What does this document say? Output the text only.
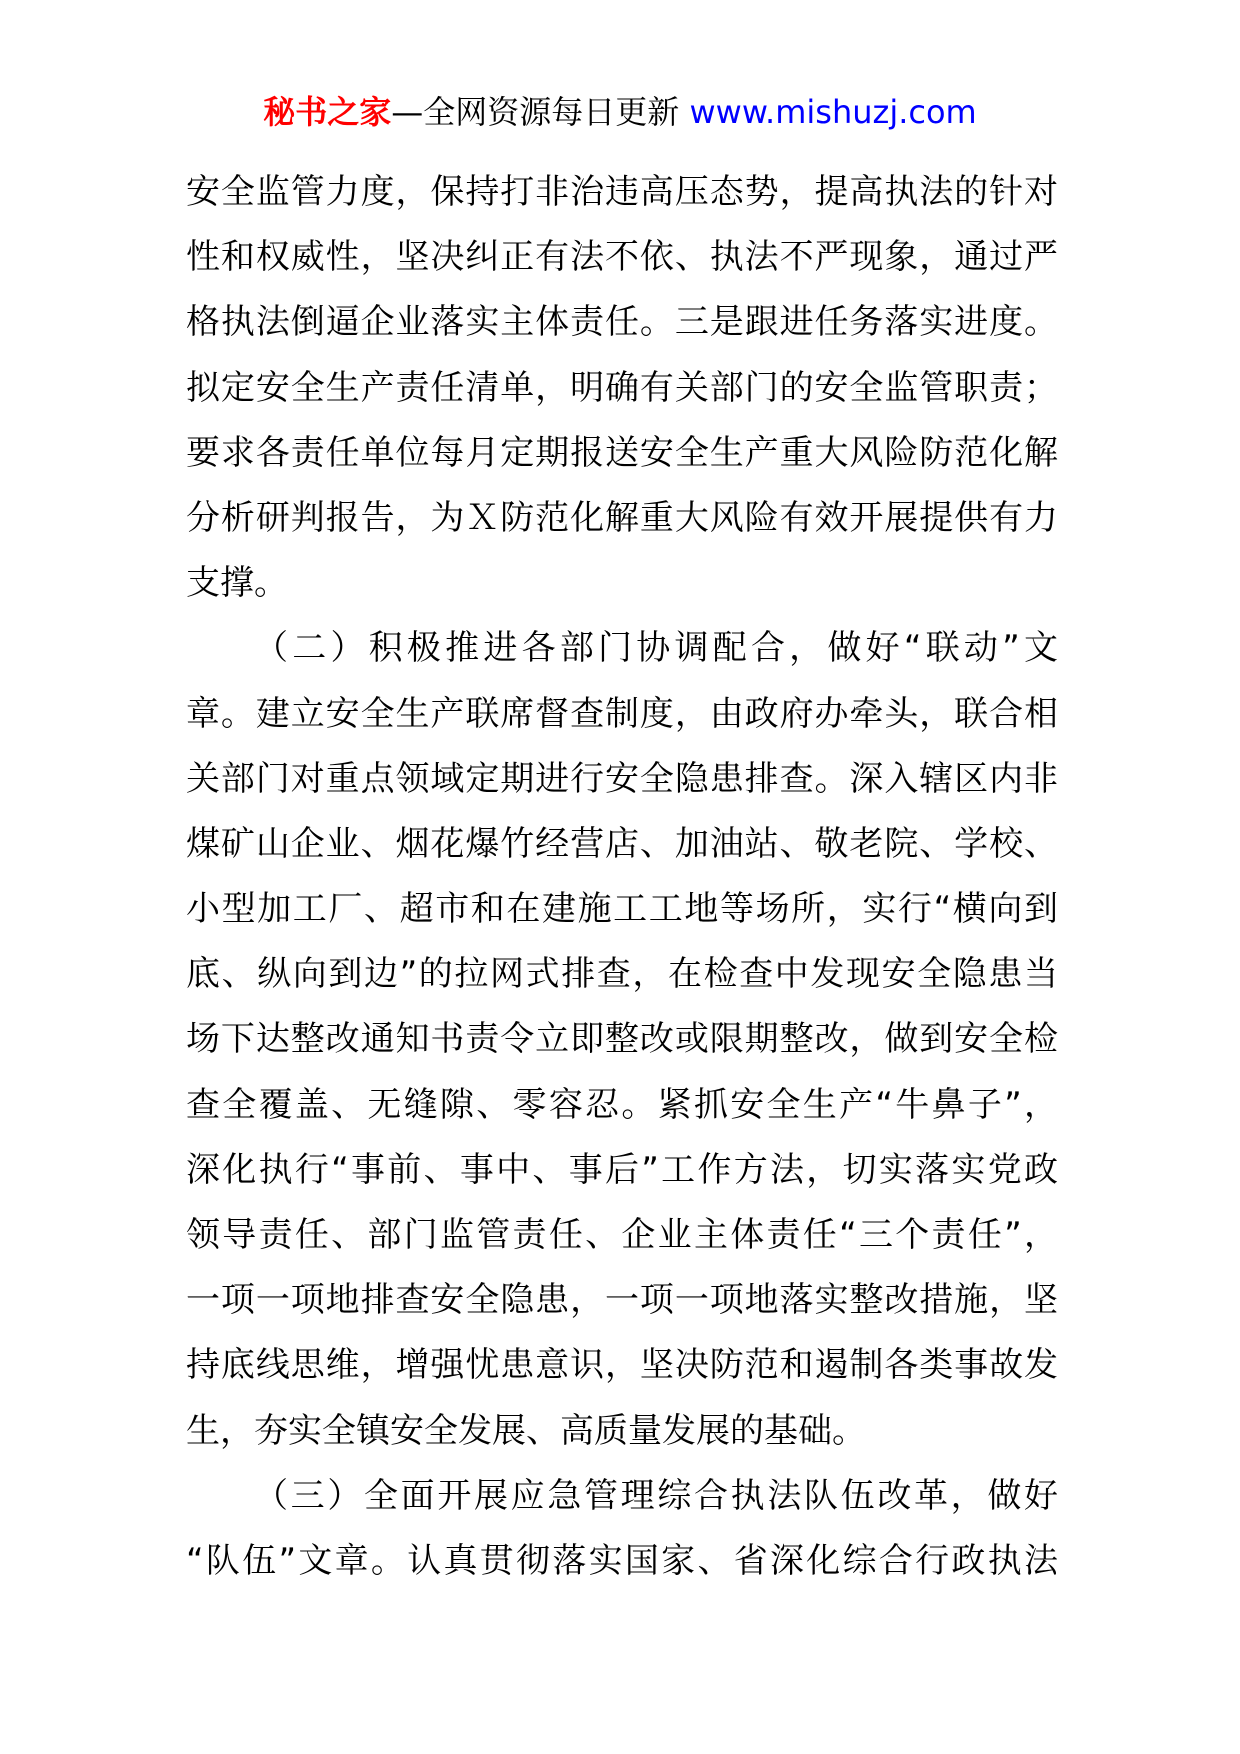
秘书之家—全网资源每日更新 www.mishuzj.com
安全监管力度，保持打非治违高压态势，提高执法的针对
性和权威性，坚决纠正有法不依、执法不严现象，通过严
格执法倒逼企业落实主体责任。三是跟进任务落实进度。
拟定安全生产责任清单，明确有关部门的安全监管职责；
要求各责任单位每月定期报送安全生产重大风险防范化解
分析研判报告，为Ｘ防范化解重大风险有效开展提供有力
支撑。
（二）积极推进各部门协调配合，做好“联动”文
章。建立安全生产联席督查制度，由政府办牵头，联合相
关部门对重点领域定期进行安全隐患排查。深入辖区内非
煤矿山企业、烟花爆竹经营店、加油站、敬老院、学校、
小型加工厂、超市和在建施工工地等场所，实行“横向到
底、纵向到边”的拉网式排查，在检查中发现安全隐患当
场下达整改通知书责令立即整改或限期整改，做到安全检
查全覆盖、无缝隙、零容忍。紧抓安全生产“牛鼻子”，
深化执行“事前、事中、事后”工作方法，切实落实党政
领导责任、部门监管责任、企业主体责任“三个责任”，
一项一项地排查安全隐患，一项一项地落实整改措施，坚
持底线思维，增强忧患意识，坚决防范和遏制各类事故发
生，夯实全镇安全发展、高质量发展的基础。
（三）全面开展应急管理综合执法队伍改革，做好
“队伍”文章。认真贯彻落实国家、省深化综合行政执法
